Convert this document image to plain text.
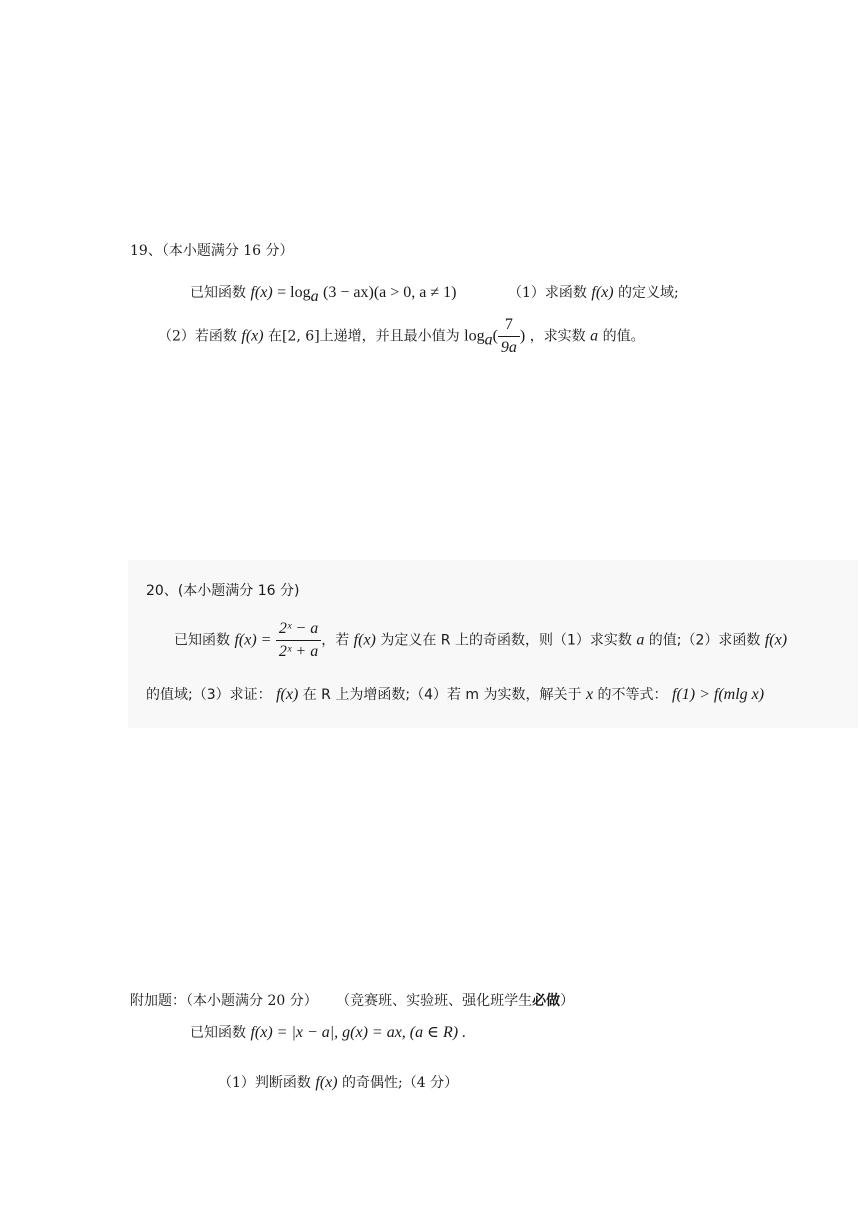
19、（本小题满分 16 分）
已知函数 $f(x) = \log_a (3 - ax)(a > 0$, a ≠ 1)	（1）求函数 f(x) 的定义域;
（2）若函数 f(x) 在[2, 6]上递增，并且最小值为 $\log_a( \frac{7}{9a}$ ) ，求实数 a 的值。
20、(本小题满分 16 分)
已知函数 $f(x) = \frac{\text{2ˣ − a}}{\text{2ˣ + a}}$ ，若 f(x) 为定义在 R 上的奇函数，则（1）求实数 a 的值;（2）求函数 f(x)
的值域;（3）求证： f(x) 在 R 上为增函数;（4）若 m 为实数，解关于 x 的不等式： f(1) > f(mlg x)
附加题：（本小题满分 20 分） （竞赛班、实验班、强化班学生必做）
已知函数 f(x) = |x − a|, g(x) = ax, (a ∈ R) .
（1）判断函数 f(x) 的奇偶性;（4 分）
